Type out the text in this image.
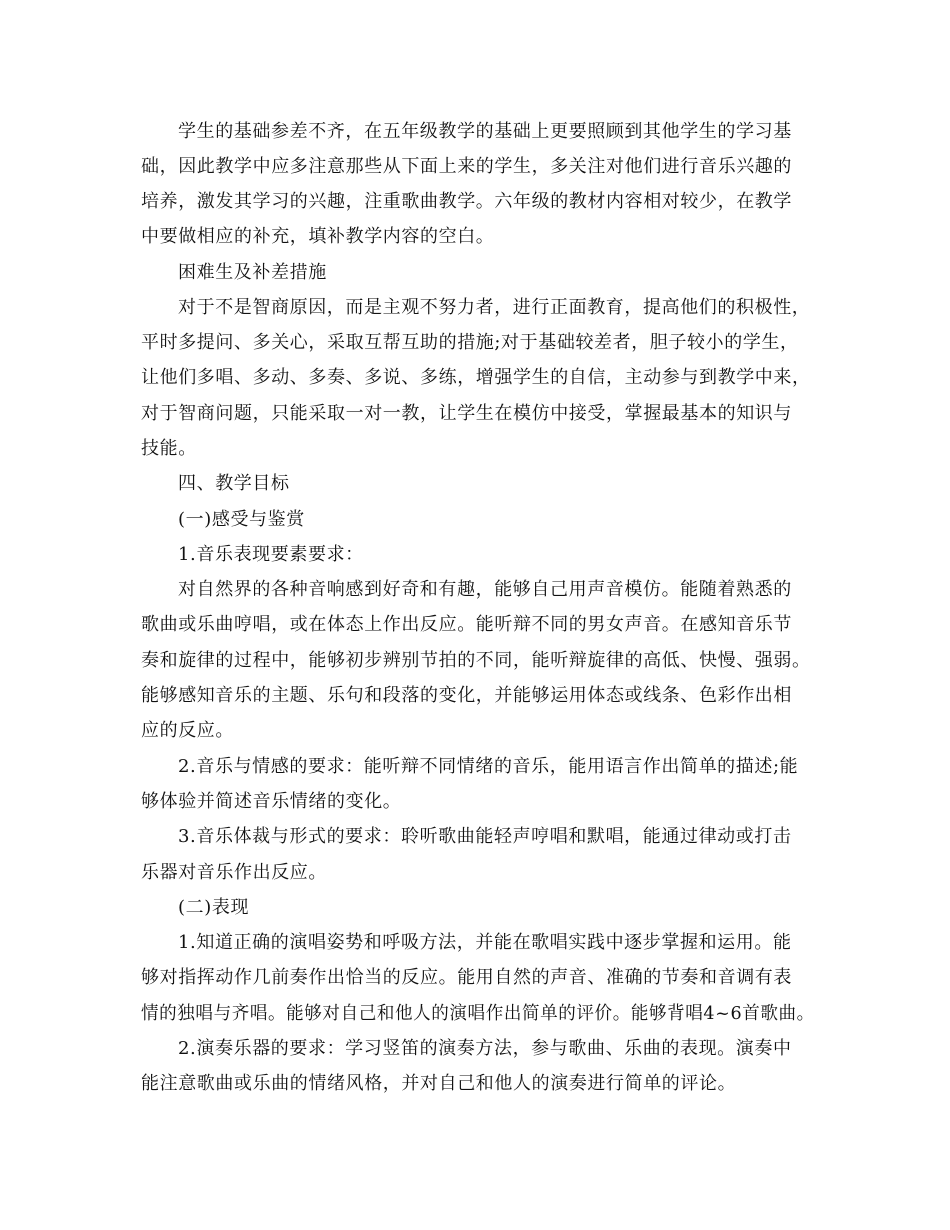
学生的基础参差不齐，在五年级教学的基础上更要照顾到其他学生的学习基
础，因此教学中应多注意那些从下面上来的学生，多关注对他们进行音乐兴趣的
培养，激发其学习的兴趣，注重歌曲教学。六年级的教材内容相对较少，在教学
中要做相应的补充，填补教学内容的空白。
困难生及补差措施
对于不是智商原因，而是主观不努力者，进行正面教育，提高他们的积极性，
平时多提问、多关心，采取互帮互助的措施;对于基础较差者，胆子较小的学生，
让他们多唱、多动、多奏、多说、多练，增强学生的自信，主动参与到教学中来，
对于智商问题，只能采取一对一教，让学生在模仿中接受，掌握最基本的知识与
技能。
四、教学目标
(一)感受与鉴赏
1.音乐表现要素要求：
对自然界的各种音响感到好奇和有趣，能够自己用声音模仿。能随着熟悉的
歌曲或乐曲哼唱，或在体态上作出反应。能听辩不同的男女声音。在感知音乐节
奏和旋律的过程中，能够初步辨别节拍的不同，能听辩旋律的高低、快慢、强弱。
能够感知音乐的主题、乐句和段落的变化，并能够运用体态或线条、色彩作出相
应的反应。
2.音乐与情感的要求：能听辩不同情绪的音乐，能用语言作出简单的描述;能
够体验并简述音乐情绪的变化。
3.音乐体裁与形式的要求：聆听歌曲能轻声哼唱和默唱，能通过律动或打击
乐器对音乐作出反应。
(二)表现
1.知道正确的演唱姿势和呼吸方法，并能在歌唱实践中逐步掌握和运用。能
够对指挥动作几前奏作出恰当的反应。能用自然的声音、准确的节奏和音调有表
情的独唱与齐唱。能够对自己和他人的演唱作出简单的评价。能够背唱4~6首歌曲。
2.演奏乐器的要求：学习竖笛的演奏方法，参与歌曲、乐曲的表现。演奏中
能注意歌曲或乐曲的情绪风格，并对自己和他人的演奏进行简单的评论。
